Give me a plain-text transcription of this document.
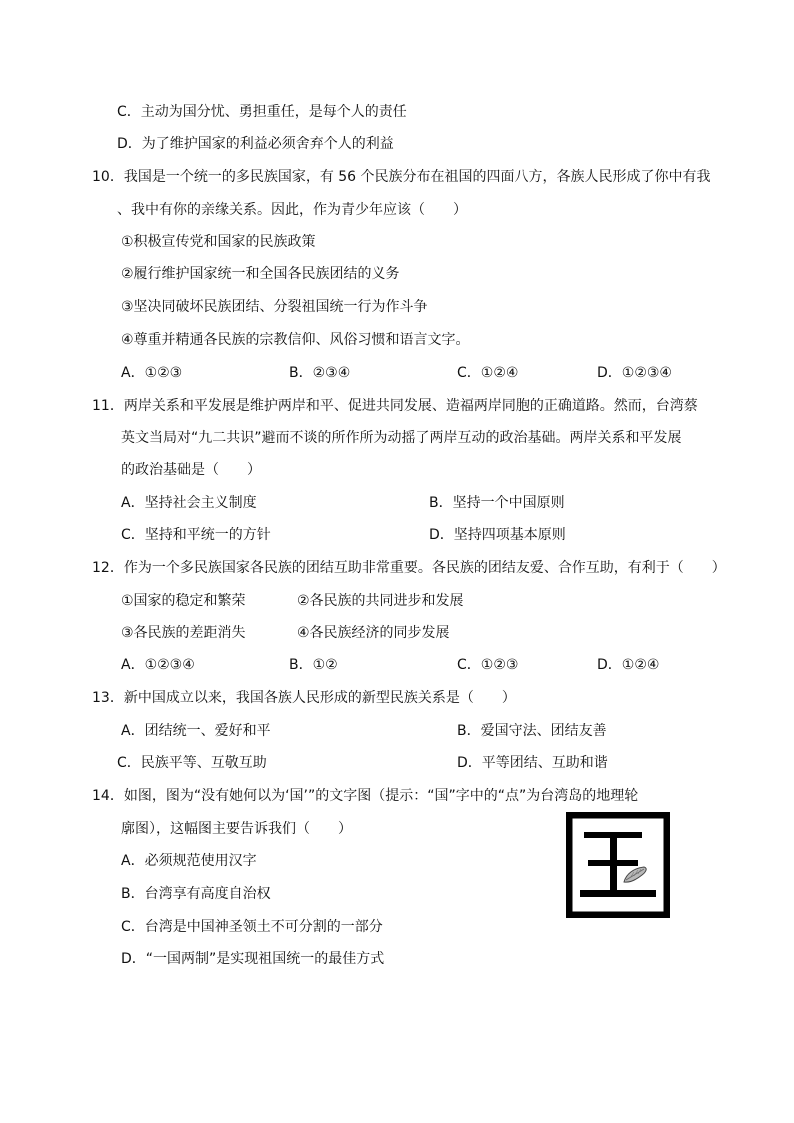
C．主动为国分忧、勇担重任，是每个人的责任
D．为了维护国家的利益必须舍弃个人的利益
10．我国是一个统一的多民族国家，有 56 个民族分布在祖国的四面八方，各族人民形成了你中有我
、我中有你的亲缘关系。因此，作为青少年应该（　　）
①积极宣传党和国家的民族政策
②履行维护国家统一和全国各民族团结的义务
③坚决同破坏民族团结、分裂祖国统一行为作斗争
④尊重并精通各民族的宗教信仰、风俗习惯和语言文字。
A．①②③	B．②③④	C．①②④	D．①②③④
11．两岸关系和平发展是维护两岸和平、促进共同发展、造福两岸同胞的正确道路。然而，台湾蔡
英文当局对“九二共识”避而不谈的所作所为动摇了两岸互动的政治基础。两岸关系和平发展
的政治基础是（　　）
A．坚持社会主义制度	B．坚持一个中国原则
C．坚持和平统一的方针	D．坚持四项基本原则
12．作为一个多民族国家各民族的团结互助非常重要。各民族的团结友爱、合作互助，有利于（　　）
①国家的稳定和繁荣	②各民族的共同进步和发展
③各民族的差距消失	④各民族经济的同步发展
A．①②③④	B．①②	C．①②③	D．①②④
13．新中国成立以来，我国各族人民形成的新型民族关系是（　　）
A．团结统一、爱好和平	B．爱国守法、团结友善
C．民族平等、互敬互助	D．平等团结、互助和谐
14．如图，图为“没有她何以为‘国’”的文字图（提示：“国”字中的“点”为台湾岛的地理轮
廓图），这幅图主要告诉我们（　　）
A．必须规范使用汉字
B．台湾享有高度自治权
C．台湾是中国神圣领土不可分割的一部分
D．“一国两制”是实现祖国统一的最佳方式
